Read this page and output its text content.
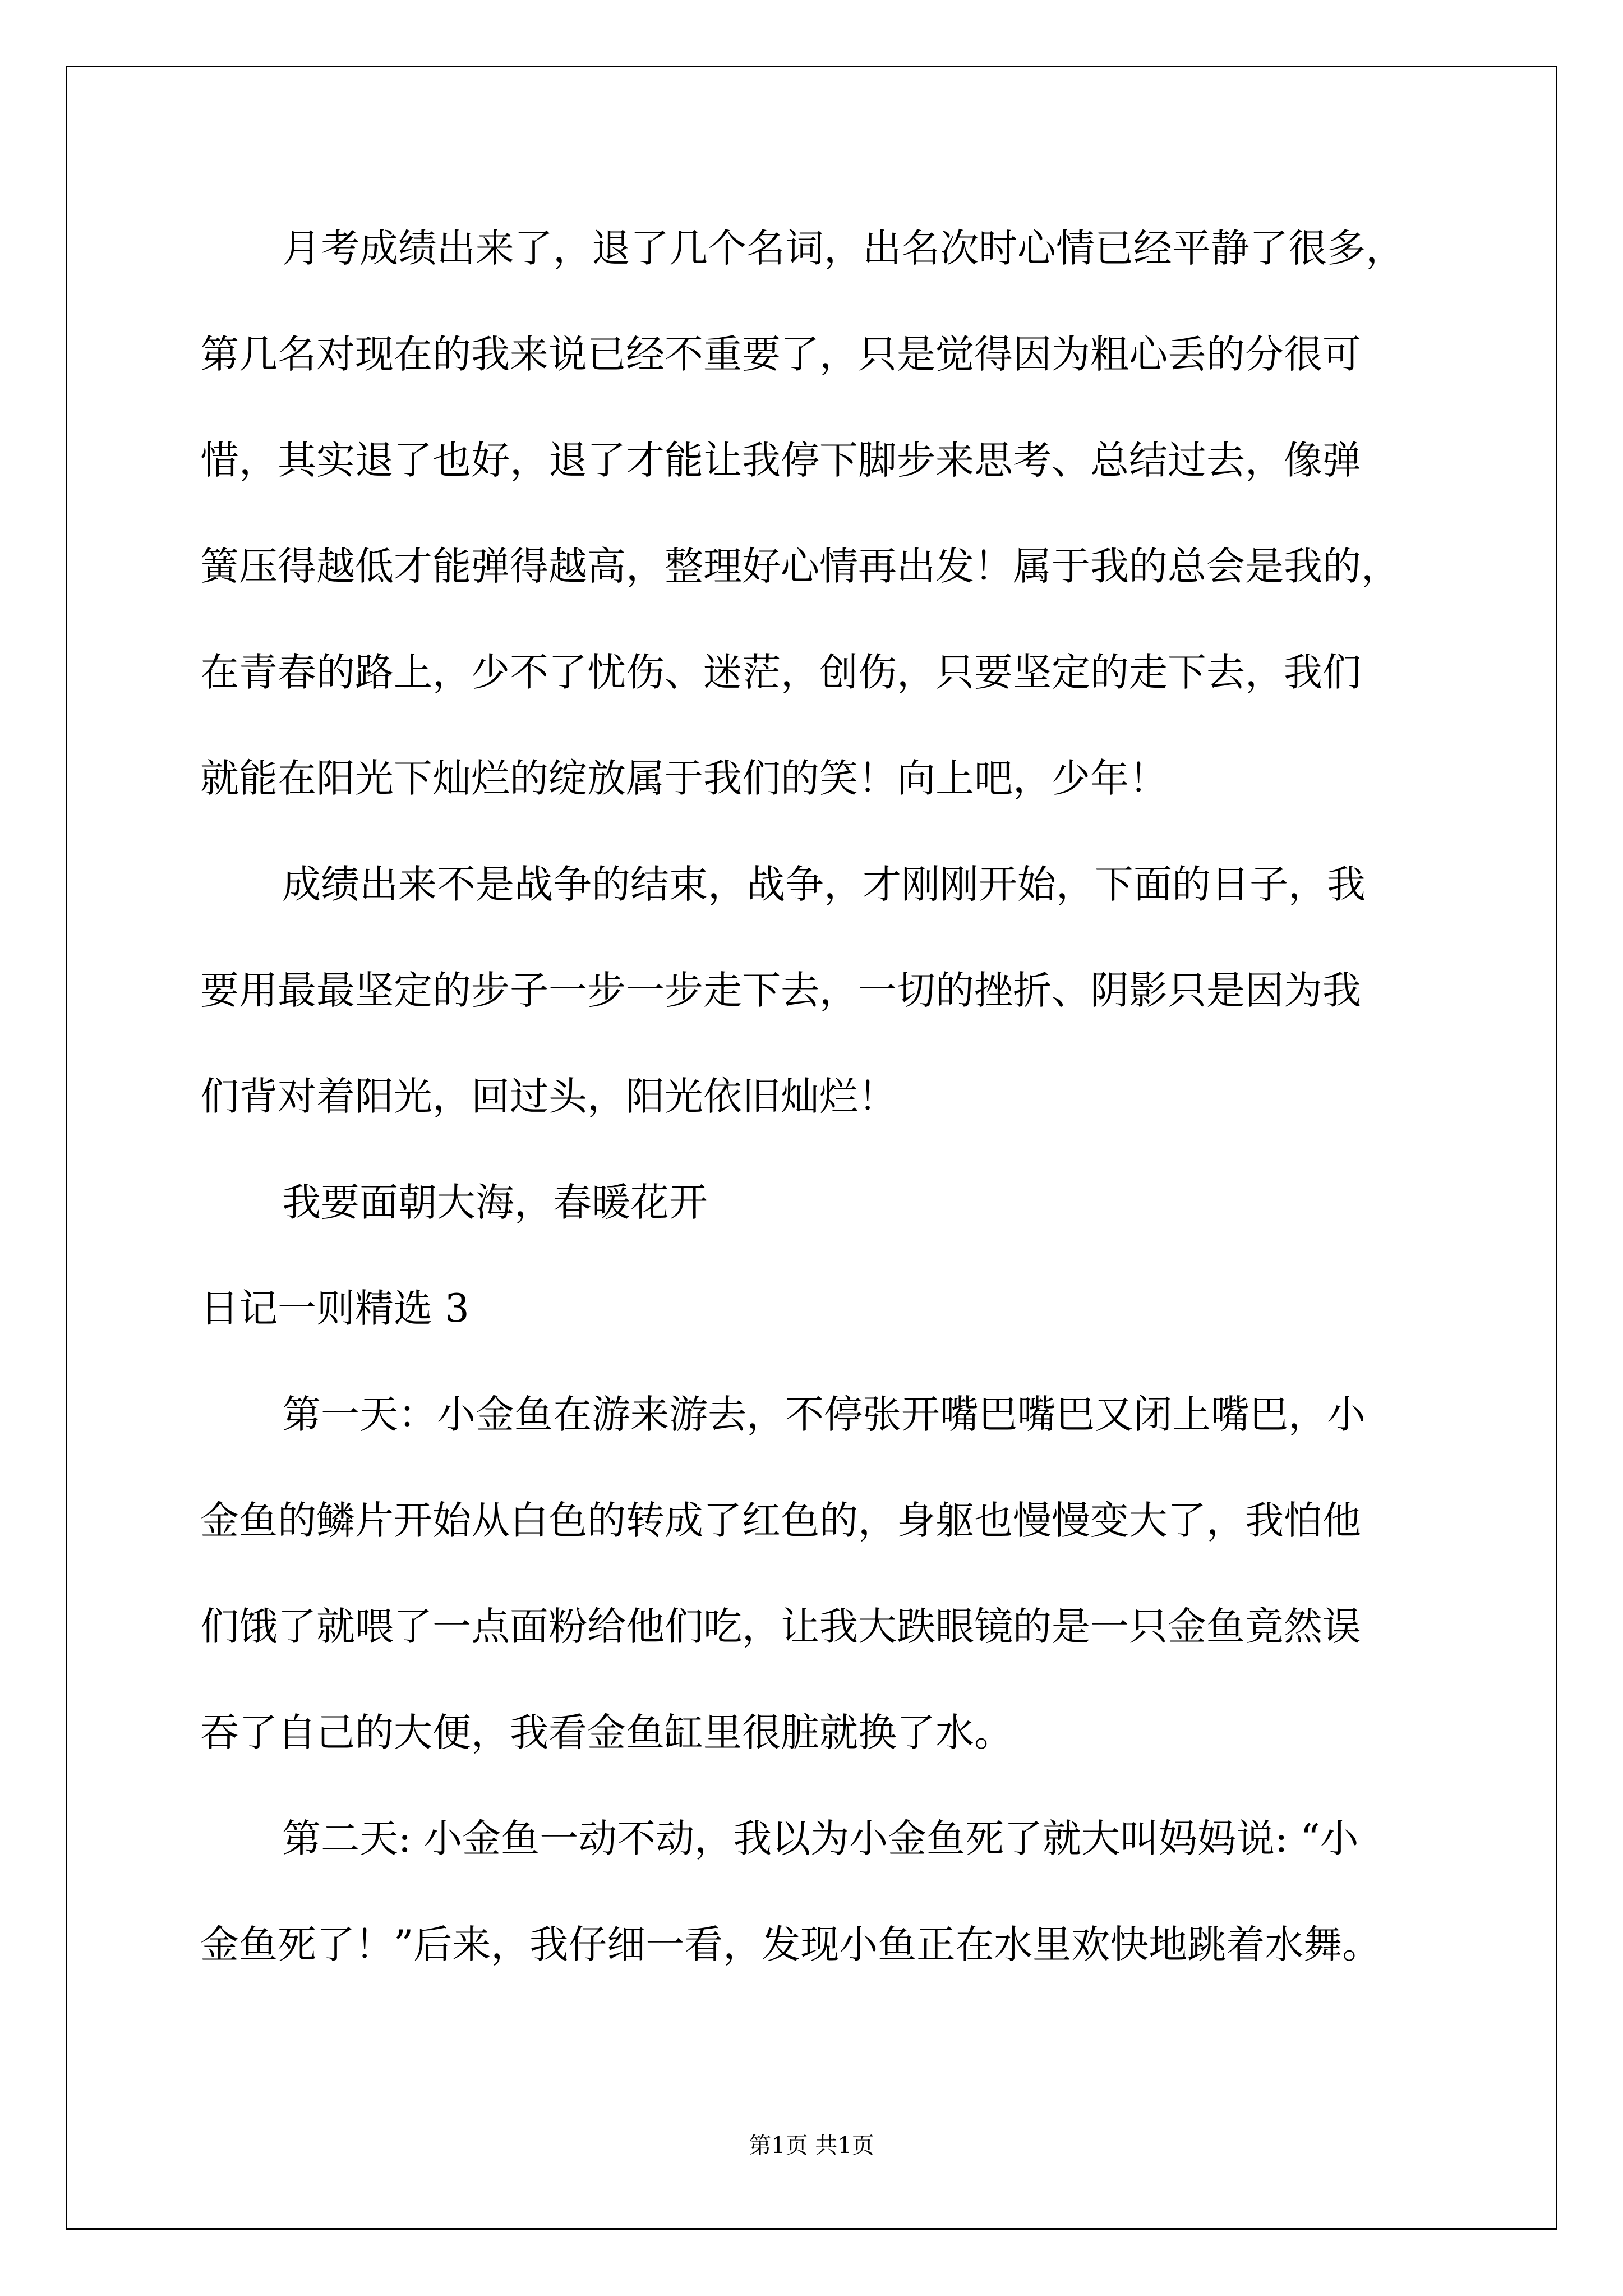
月考成绩出来了，退了几个名词，出名次时心情已经平静了很多，
第几名对现在的我来说已经不重要了，只是觉得因为粗心丢的分很可
惜，其实退了也好，退了才能让我停下脚步来思考、总结过去，像弹
簧压得越低才能弹得越高，整理好心情再出发！属于我的总会是我的，
在青春的路上，少不了忧伤、迷茫，创伤，只要坚定的走下去，我们
就能在阳光下灿烂的绽放属于我们的笑！向上吧，少年！
成绩出来不是战争的结束，战争，才刚刚开始，下面的日子，我
要用最最坚定的步子一步一步走下去，一切的挫折、阴影只是因为我
们背对着阳光，回过头，阳光依旧灿烂！
我要面朝大海，春暖花开
日记一则精选 3
第一天：小金鱼在游来游去，不停张开嘴巴嘴巴又闭上嘴巴，小
金鱼的鳞片开始从白色的转成了红色的，身躯也慢慢变大了，我怕他
们饿了就喂了一点面粉给他们吃，让我大跌眼镜的是一只金鱼竟然误
吞了自己的大便，我看金鱼缸里很脏就换了水。
第二天: 小金鱼一动不动，我以为小金鱼死了就大叫妈妈说: “小
金鱼死了！”后来，我仔细一看，发现小鱼正在水里欢快地跳着水舞。
第1页 共1页
